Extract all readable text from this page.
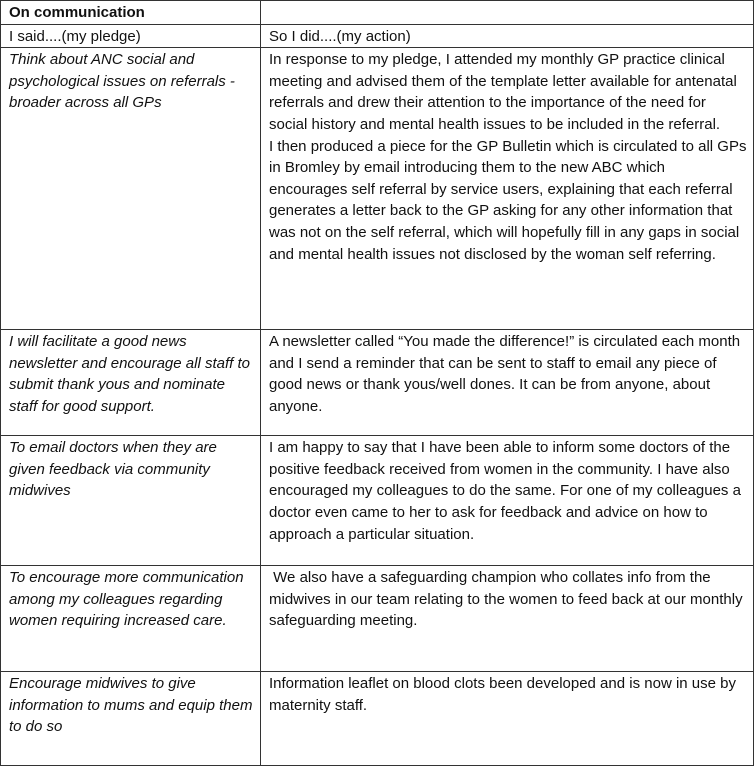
On communication	
I said....(my pledge)	So I did....(my action)
Think about ANC social and psychological issues on referrals - broader across all GPs	In response to my pledge, I attended my monthly GP practice clinical meeting and advised them of the template letter available for antenatal referrals and drew their attention to the importance of the need for social history and mental health issues to be included in the referral.

I then produced a piece for the GP Bulletin which is circulated to all GPs in Bromley by email introducing them to the new ABC which encourages self referral by service users, explaining that each referral generates a letter back to the GP asking for any other information that was not on the self referral, which will hopefully fill in any gaps in social and mental health issues not disclosed by the woman self referring.

I will facilitate a good news newsletter and encourage all staff to submit thank yous and nominate staff for good support.	A newsletter called “You made the difference!” is circulated each month and I send a reminder that can be sent to staff to email any piece of good news or thank yous/well dones. It can be from anyone, about anyone.

To email doctors when they are given feedback via community midwives	I am happy to say that I have been able to inform some doctors of the positive feedback received from women in the community. I have also encouraged my colleagues to do the same. For one of my colleagues a doctor even came to her to ask for feedback and advice on how to approach a particular situation.

To encourage more communication among my colleagues regarding women requiring increased care.	We also have a safeguarding champion who collates info from the midwives in our team relating to the women to feed back at our monthly safeguarding meeting.

Encourage midwives to give information to mums and equip them to do so	Information leaflet on blood clots been developed and is now in use by maternity staff.
